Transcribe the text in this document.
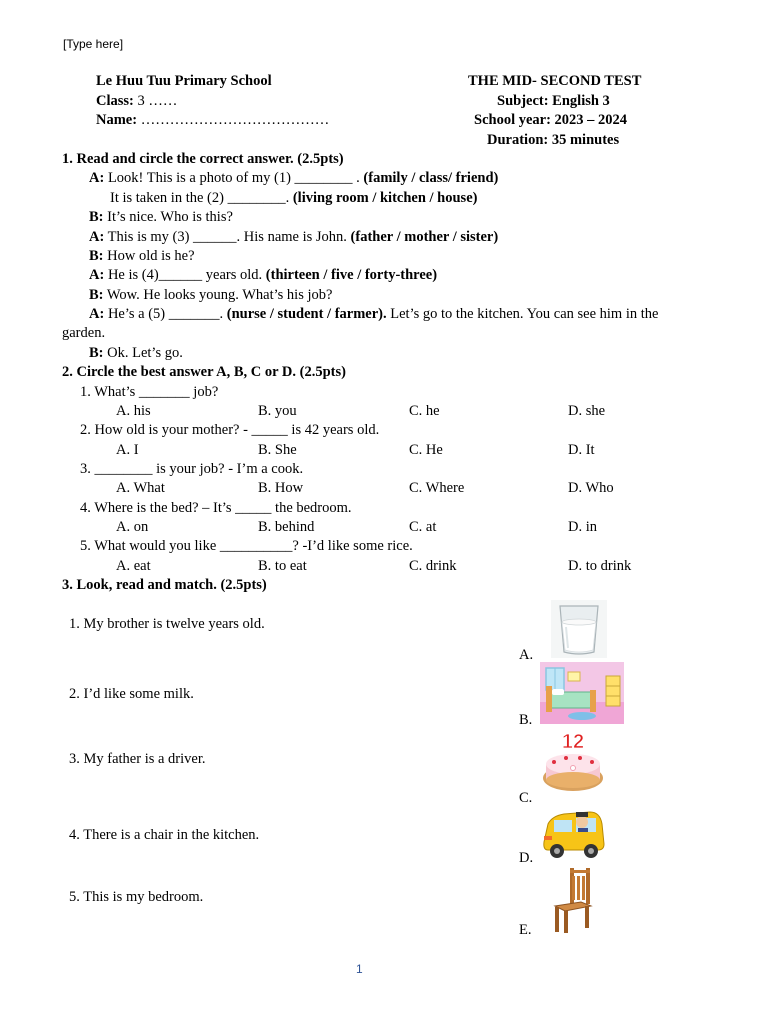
[Type here]
Le Huu Tuu Primary School
Class: 3 ……
Name: …………………………………
THE MID- SECOND TEST
Subject: English 3
School year: 2023 – 2024
Duration: 35 minutes
1. Read and circle the correct answer. (2.5pts)
A: Look! This is a photo of my (1) ________ . (family / class/ friend)
It is taken in the (2) ________. (living room / kitchen / house)
B: It’s nice. Who is this?
A: This is my (3) ______. His name is John. (father / mother / sister)
B: How old is he?
A: He is (4)______ years old. (thirteen / five / forty-three)
B: Wow. He looks young. What’s his job?
A: He’s a (5) _______. (nurse / student / farmer). Let’s go to the kitchen. You can see him in the
garden.
B: Ok. Let’s go.
2. Circle the best answer A, B, C or D. (2.5pts)
1. What’s _______ job?
A. his	B. you	C. he	D. she
2. How old is your mother? - _____ is 42 years old.
A. I	B. She	C. He	D. It
3. ________ is your job? - I’m a cook.
A. What	B. How	C. Where	D. Who
4. Where is the bed? – It’s _____ the bedroom.
A. on	B. behind	C. at	D. in
5. What would you like __________? -I’d like some rice.
A. eat	B. to eat	C. drink	D. to drink
3. Look, read and match. (2.5pts)
1. My brother is twelve years old.
2. I’d like some milk.
3. My father is a driver.
4. There is a chair in the kitchen.
5. This is my bedroom.
A.
B.
C.
D.
E.
12
1
